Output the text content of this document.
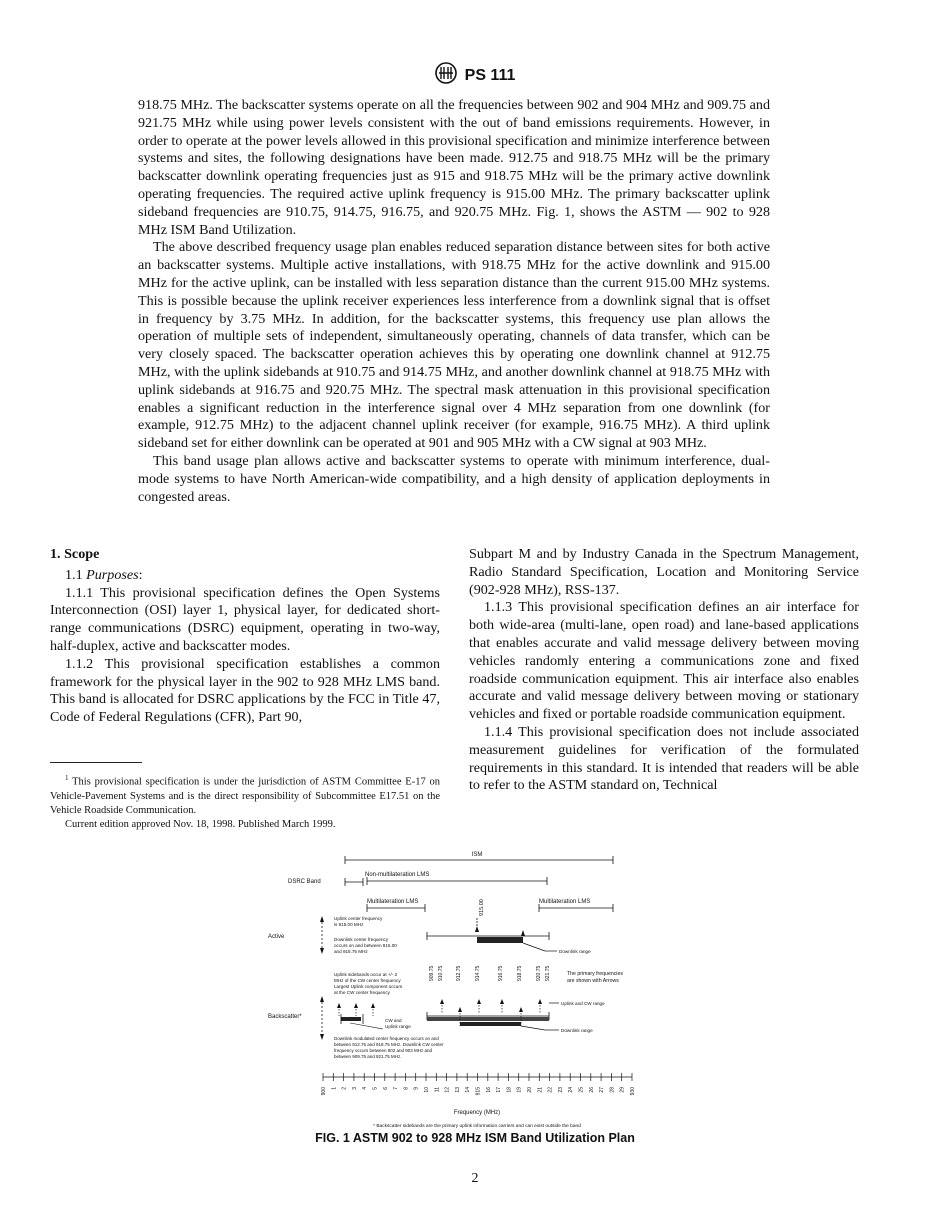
PS 111

918.75 MHz. The backscatter systems operate on all the frequencies between 902 and 904 MHz and 909.75 and 921.75 MHz while using power levels consistent with the out of band emissions requirements. However, in order to operate at the power levels allowed in this provisional specification and minimize interference between systems and sites, the following designations have been made. 912.75 and 918.75 MHz will be the primary backscatter downlink operating frequencies just as 915 and 918.75 MHz will be the primary active downlink operating frequencies. The required active uplink frequency is 915.00 MHz. The primary backscatter uplink sideband frequencies are 910.75, 914.75, 916.75, and 920.75 MHz. Fig. 1, shows the ASTM — 902 to 928 MHz ISM Band Utilization.

The above described frequency usage plan enables reduced separation distance between sites for both active an backscatter systems. Multiple active installations, with 918.75 MHz for the active downlink and 915.00 MHz for the active uplink, can be installed with less separation distance than the current 915.00 MHz systems. This is possible because the uplink receiver experiences less interference from a downlink signal that is offset in frequency by 3.75 MHz. In addition, for the backscatter systems, this frequency use plan allows the operation of multiple sets of independent, simultaneously operating, channels of data transfer, which can be very closely spaced. The backscatter operation achieves this by operating one downlink channel at 912.75 MHz, with the uplink sidebands at 910.75 and 914.75 MHz, and another downlink channel at 918.75 MHz with uplink sidebands at 916.75 and 920.75 MHz. The spectral mask attenuation in this provisional specification enables a significant reduction in the interference signal over 4 MHz separation from one downlink (for example, 912.75 MHz) to the adjacent channel uplink receiver (for example, 916.75 MHz). A third uplink sideband set for either downlink can be operated at 901 and 905 MHz with a CW signal at 903 MHz.

This band usage plan allows active and backscatter systems to operate with minimum interference, dual-mode systems to have North American-wide compatibility, and a high density of application deployments in congested areas.

1. Scope

1.1 Purposes:

1.1.1 This provisional specification defines the Open Systems Interconnection (OSI) layer 1, physical layer, for dedicated short-range communications (DSRC) equipment, operating in two-way, half-duplex, active and backscatter modes.

1.1.2 This provisional specification establishes a common framework for the physical layer in the 902 to 928 MHz LMS band. This band is allocated for DSRC applications by the FCC in Title 47, Code of Federal Regulations (CFR), Part 90,

Subpart M and by Industry Canada in the Spectrum Management, Radio Standard Specification, Location and Monitoring Service (902-928 MHz), RSS-137.

1.1.3 This provisional specification defines an air interface for both wide-area (multi-lane, open road) and lane-based applications that enables accurate and valid message delivery between moving vehicles randomly entering a communications zone and fixed roadside communication equipment. This air interface also enables accurate and valid message delivery between moving or stationary vehicles and fixed or portable roadside communication equipment.

1.1.4 This provisional specification does not include associated measurement guidelines for verification of the formulated requirements in this standard. It is intended that readers will be able to refer to the ASTM standard on, Technical

$^1$ This provisional specification is under the jurisdiction of ASTM Committee E-17 on Vehicle-Pavement Systems and is the direct responsibility of Subcommittee E17.51 on the Vehicle Roadside Communication.

Current edition approved Nov. 18, 1998. Published March 1999.

ISM
DSRC Band
Non-multilateration LMS
Multilateration LMS	Multilateration LMS
915.00
Active
Uplink center frequency
is 915.00 MHz
Downlink center frequency
occurs on and between 915.00
and 918.75 MHz	Downlink range
909.75 910.75 912.75	914.75	916.75	918.75	920.75 921.75
Uplink sidebands occur at +/- 2
MHz of the CW center frequency
Largest Uplink component occurs
at the CW center frequency
The primary frequencies
are shown with Arrows
Backscatter*
CW and
Uplink range
Uplink and CW range
Downlink range
Downlink modulated center frequency occurs on and
between 912.75 and 918.75 MHz. Downlink CW center
frequency occurs between 902 and 903 MHz and
between 909.75 and 921.75 MHz.
900 1 2 3 4 5 6 7 8 9 10 11 12 13 14 915 16 17 18 19 20 21 22 23 24 25 26 27 28 29 930
Frequency (MHz)
* Backscatter sidebands are the primary uplink information carriers and can exist outside the band
FIG. 1 ASTM 902 to 928 MHz ISM Band Utilization Plan
2
